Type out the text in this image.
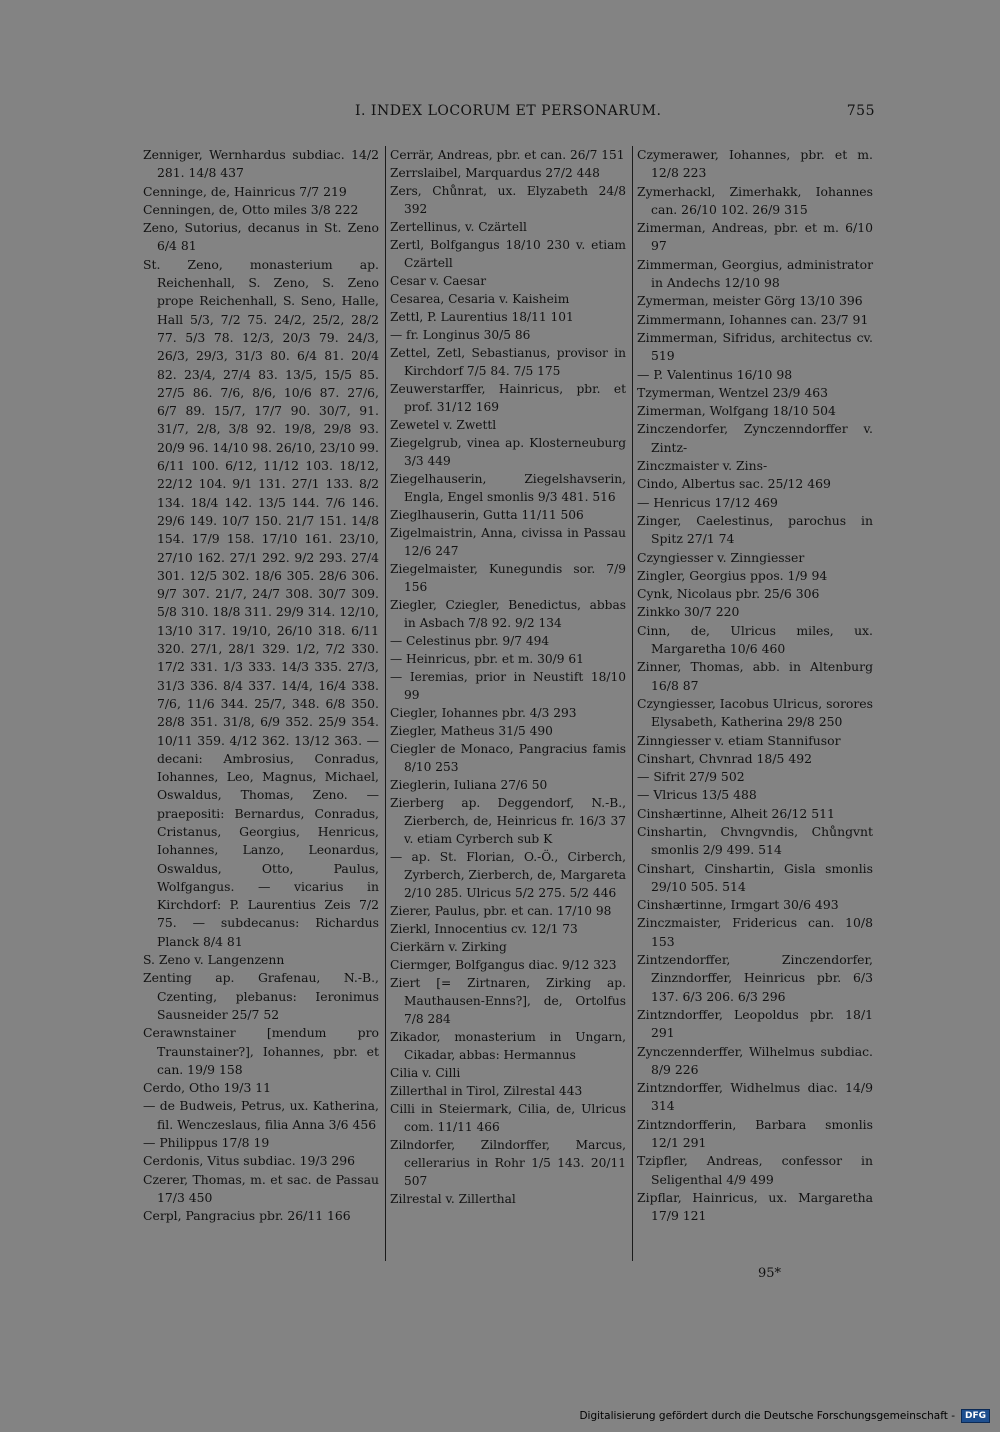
I. INDEX LOCORUM ET PERSONARUM.	755

Zenniger, Wernhardus subdiac. 14/2 281. 14/8 437

Cenninge, de, Hainricus 7/7 219

Cenningen, de, Otto miles 3/8 222

Zeno, Sutorius, decanus in St. Zeno 6/4 81

St. Zeno, monasterium ap. Reichenhall, S. Zeno, S. Zeno prope Reichenhall, S. Seno, Halle, Hall 5/3, 7/2 75. 24/2, 25/2, 28/2 77. 5/3 78. 12/3, 20/3 79. 24/3, 26/3, 29/3, 31/3 80. 6/4 81. 20/4 82. 23/4, 27/4 83. 13/5, 15/5 85. 27/5 86. 7/6, 8/6, 10/6 87. 27/6, 6/7 89. 15/7, 17/7 90. 30/7, 91. 31/7, 2/8, 3/8 92. 19/8, 29/8 93. 20/9 96. 14/10 98. 26/10, 23/10 99. 6/11 100. 6/12, 11/12 103. 18/12, 22/12 104. 9/1 131. 27/1 133. 8/2 134. 18/4 142. 13/5 144. 7/6 146. 29/6 149. 10/7 150. 21/7 151. 14/8 154. 17/9 158. 17/10 161. 23/10, 27/10 162. 27/1 292. 9/2 293. 27/4 301. 12/5 302. 18/6 305. 28/6 306. 9/7 307. 21/7, 24/7 308. 30/7 309. 5/8 310. 18/8 311. 29/9 314. 12/10, 13/10 317. 19/10, 26/10 318. 6/11 320. 27/1, 28/1 329. 1/2, 7/2 330. 17/2 331. 1/3 333. 14/3 335. 27/3, 31/3 336. 8/4 337. 14/4, 16/4 338. 7/6, 11/6 344. 25/7, 348. 6/8 350. 28/8 351. 31/8, 6/9 352. 25/9 354. 10/11 359. 4/12 362. 13/12 363. — decani: Ambrosius, Conradus, Iohannes, Leo, Magnus, Michael, Oswaldus, Thomas, Zeno. — praepositi: Bernardus, Conradus, Cristanus, Georgius, Henricus, Iohannes, Lanzo, Leonardus, Oswaldus, Otto, Paulus, Wolfgangus. — vicarius in Kirchdorf: P. Laurentius Zeis 7/2 75. — subdecanus: Richardus Planck 8/4 81

S. Zeno v. Langenzenn

Zenting ap. Grafenau, N.-B., Czenting, plebanus: Ieronimus Sausneider 25/7 52

Cerawnstainer [mendum pro Traunstainer?], Iohannes, pbr. et can. 19/9 158

Cerdo, Otho 19/3 11

— de Budweis, Petrus, ux. Katherina, fil. Wenczeslaus, filia Anna 3/6 456

— Philippus 17/8 19

Cerdonis, Vitus subdiac. 19/3 296

Czerer, Thomas, m. et sac. de Passau 17/3 450

Cerpl, Pangracius pbr. 26/11 166

Cerrär, Andreas, pbr. et can. 26/7 151

Zerrslaibel, Marquardus 27/2 448

Zers, Chůnrat, ux. Elyzabeth 24/8 392

Zertellinus, v. Czärtell

Zertl, Bolfgangus 18/10 230 v. etiam Czärtell

Cesar v. Caesar

Cesarea, Cesaria v. Kaisheim

Zettl, P. Laurentius 18/11 101

— fr. Longinus 30/5 86

Zettel, Zetl, Sebastianus, provisor in Kirchdorf 7/5 84. 7/5 175

Zeuwerstarffer, Hainricus, pbr. et prof. 31/12 169

Zewetel v. Zwettl

Ziegelgrub, vinea ap. Klosterneuburg 3/3 449

Ziegelhauserin, Ziegelshavserin, Engla, Engel smonlis 9/3 481. 516

Zieglhauserin, Gutta 11/11 506

Zigelmaistrin, Anna, civissa in Passau 12/6 247

Ziegelmaister, Kunegundis sor. 7/9 156

Ziegler, Cziegler, Benedictus, abbas in Asbach 7/8 92. 9/2 134

— Celestinus pbr. 9/7 494

— Heinricus, pbr. et m. 30/9 61

— Ieremias, prior in Neustift 18/10 99

Ciegler, Iohannes pbr. 4/3 293

Ziegler, Matheus 31/5 490

Ciegler de Monaco, Pangracius famis 8/10 253

Zieglerin, Iuliana 27/6 50

Zierberg ap. Deggendorf, N.-B., Zierberch, de, Heinricus fr. 16/3 37 v. etiam Cyrberch sub K

— ap. St. Florian, O.-Ö., Cirberch, Zyrberch, Zierberch, de, Margareta 2/10 285. Ulricus 5/2 275. 5/2 446

Zierer, Paulus, pbr. et can. 17/10 98

Zierkl, Innocentius cv. 12/1 73

Cierkärn v. Zirking

Ciermger, Bolfgangus diac. 9/12 323

Ziert [= Zirtnaren, Zirking ap. Mauthausen-Enns?], de, Ortolfus 7/8 284

Zikador, monasterium in Ungarn, Cikadar, abbas: Hermannus

Cilia v. Cilli

Zillerthal in Tirol, Zilrestal 443

Cilli in Steiermark, Cilia, de, Ulricus com. 11/11 466

Zilndorfer, Zilndorffer, Marcus, cellerarius in Rohr 1/5 143. 20/11 507

Zilrestal v. Zillerthal

Czymerawer, Iohannes, pbr. et m. 12/8 223

Zymerhackl, Zimerhakk, Iohannes can. 26/10 102. 26/9 315

Zimerman, Andreas, pbr. et m. 6/10 97

Zimmerman, Georgius, administrator in Andechs 12/10 98

Zymerman, meister Görg 13/10 396

Zimmermann, Iohannes can. 23/7 91

Zimmerman, Sifridus, architectus cv. 519

— P. Valentinus 16/10 98

Tzymerman, Wentzel 23/9 463

Zimerman, Wolfgang 18/10 504

Zinczendorfer, Zynczenndorffer v. Zintz-

Zinczmaister v. Zins-

Cindo, Albertus sac. 25/12 469

— Henricus 17/12 469

Zinger, Caelestinus, parochus in Spitz 27/1 74

Czyngiesser v. Zinngiesser

Zingler, Georgius ppos. 1/9 94

Cynk, Nicolaus pbr. 25/6 306

Zinkko 30/7 220

Cinn, de, Ulricus miles, ux. Margaretha 10/6 460

Zinner, Thomas, abb. in Altenburg 16/8 87

Czyngiesser, Iacobus Ulricus, sorores Elysabeth, Katherina 29/8 250

Zinngiesser v. etiam Stannifusor

Cinshart, Chvnrad 18/5 492

— Sifrit 27/9 502

— Vlricus 13/5 488

Cinshærtinne, Alheit 26/12 511

Cinshartin, Chvngvndis, Chůngvnt smonlis 2/9 499. 514

Cinshart, Cinshartin, Gisla smonlis 29/10 505. 514

Cinshærtinne, Irmgart 30/6 493

Zinczmaister, Fridericus can. 10/8 153

Zintzendorffer, Zinczendorfer, Zinzndorffer, Heinricus pbr. 6/3 137. 6/3 206. 6/3 296

Zintzndorffer, Leopoldus pbr. 18/1 291

Zynczennderffer, Wilhelmus subdiac. 8/9 226

Zintzndorffer, Widhelmus diac. 14/9 314

Zintzndorfferin, Barbara smonlis 12/1 291

Tzipfler, Andreas, confessor in Seligenthal 4/9 499

Zipflar, Hainricus, ux. Margaretha 17/9 121

95*
Digitalisierung gefördert durch die Deutsche Forschungsgemeinschaft -	DFG
